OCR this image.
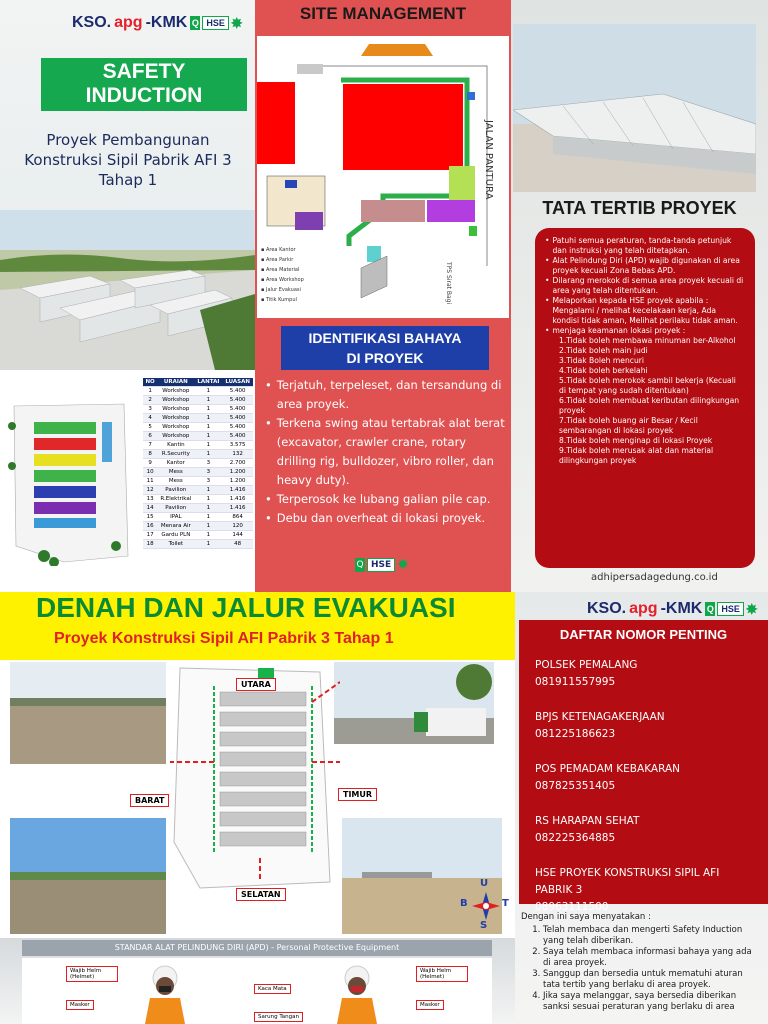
KSO. apg -KMK Q HSE ✸
SAFETY
INDUCTION
Proyek Pembangunan Konstruksi Sipil Pabrik AFI 3 Tahap 1
SITE MANAGEMENT
▪ Area Kantor
▪ Area Parkir
▪ Area Material
▪ Area Workshop
▪ Jalur Evakuasi
▪ Titik Kumpul
JALAN PANTURA
TPS Sirat Bagi
IDENTIFIKASI BAHAYA
DI PROYEK
• Terjatuh, terpeleset, dan tersandung di area proyek.
• Terkena swing atau tertabrak alat berat (excavator, crawler crane, rotary drilling rig, bulldozer, vibro roller, dan heavy duty).
• Terperosok ke lubang galian pile cap.
• Debu dan overheat di lokasi proyek.
Q HSE ✸
NO	URAIAN	LANTAI	LUASAN
1	Workshop	1	5.400
2	Workshop	1	5.400
3	Workshop	1	5.400
4	Workshop	1	5.400
5	Workshop	1	5.400
6	Workshop	1	5.400
7	Kantin	1	3.575
8	R.Security	1	132
9	Kantor	3	2.700
10	Mess	3	1.200
11	Mess	3	1.200
12	Pavilion	1	1.416
13	R.Elektrikal	1	1.416
14	Pavilion	1	1.416
15	IPAL	1	864
16	Menara Air	1	120
17	Gardu PLN	1	144
18	Toilet	1	48
TATA TERTIB PROYEK
• Patuhi semua peraturan, tanda-tanda petunjuk dan instruksi yang telah ditetapkan.
• Alat Pelindung Diri (APD) wajib digunakan di area proyek kecuali Zona Bebas APD.
• Dilarang merokok di semua area proyek kecuali di area yang telah ditentukan.
• Melaporkan kepada HSE proyek apabila : Mengalami / melihat kecelakaan kerja, Ada kondisi tidak aman, Melihat perilaku tidak aman.
• menjaga keamanan lokasi proyek :
1.Tidak boleh membawa minuman ber-Alkohol
2.Tidak boleh main judi
3.Tidak Boleh mencuri
4.Tidak boleh berkelahi
5.Tidak boleh merokok sambil bekerja (Kecuali di tempat yang sudah ditentukan)
6.Tidak boleh membuat keributan dilingkungan proyek
7.Tidak boleh buang air Besar / Kecil sembarangan di lokasi proyek
8.Tidak boleh menginap di lokasi Proyek
9.Tidak boleh merusak alat dan material dilingkungan proyek
adhipersadagedung.co.id
DENAH DAN JALUR EVAKUASI
Proyek Konstruksi Sipil AFI Pabrik 3 Tahap 1
UTARA
BARAT
TIMUR
SELATAN
U
B	T
S
STANDAR ALAT PELINDUNG DIRI (APD) - Personal Protective Equipment
Wajib Helm (Helmet)
Kaca Mata
Masker
Sarung Tangan
Wajib Helm (Helmet)
Masker
KSO. apg -KMK Q HSE ✸
DAFTAR NOMOR PENTING
POLSEK PEMALANG
081911557995
BPJS KETENAGAKERJAAN
081225186623
POS PEMADAM KEBAKARAN
087825351405
RS HARAPAN SEHAT
082225364885
HSE PROYEK KONSTRUKSI SIPIL AFI PABRIK 3
08963111500
Dengan ini saya menyatakan :
1. Telah membaca dan mengerti Safety Induction yang telah diberikan.
2. Saya telah membaca informasi bahaya yang ada di area proyek.
3. Sanggup dan bersedia untuk mematuhi aturan tata tertib yang berlaku di area proyek.
4. Jika saya melanggar, saya bersedia diberikan sanksi sesuai peraturan yang berlaku di area
